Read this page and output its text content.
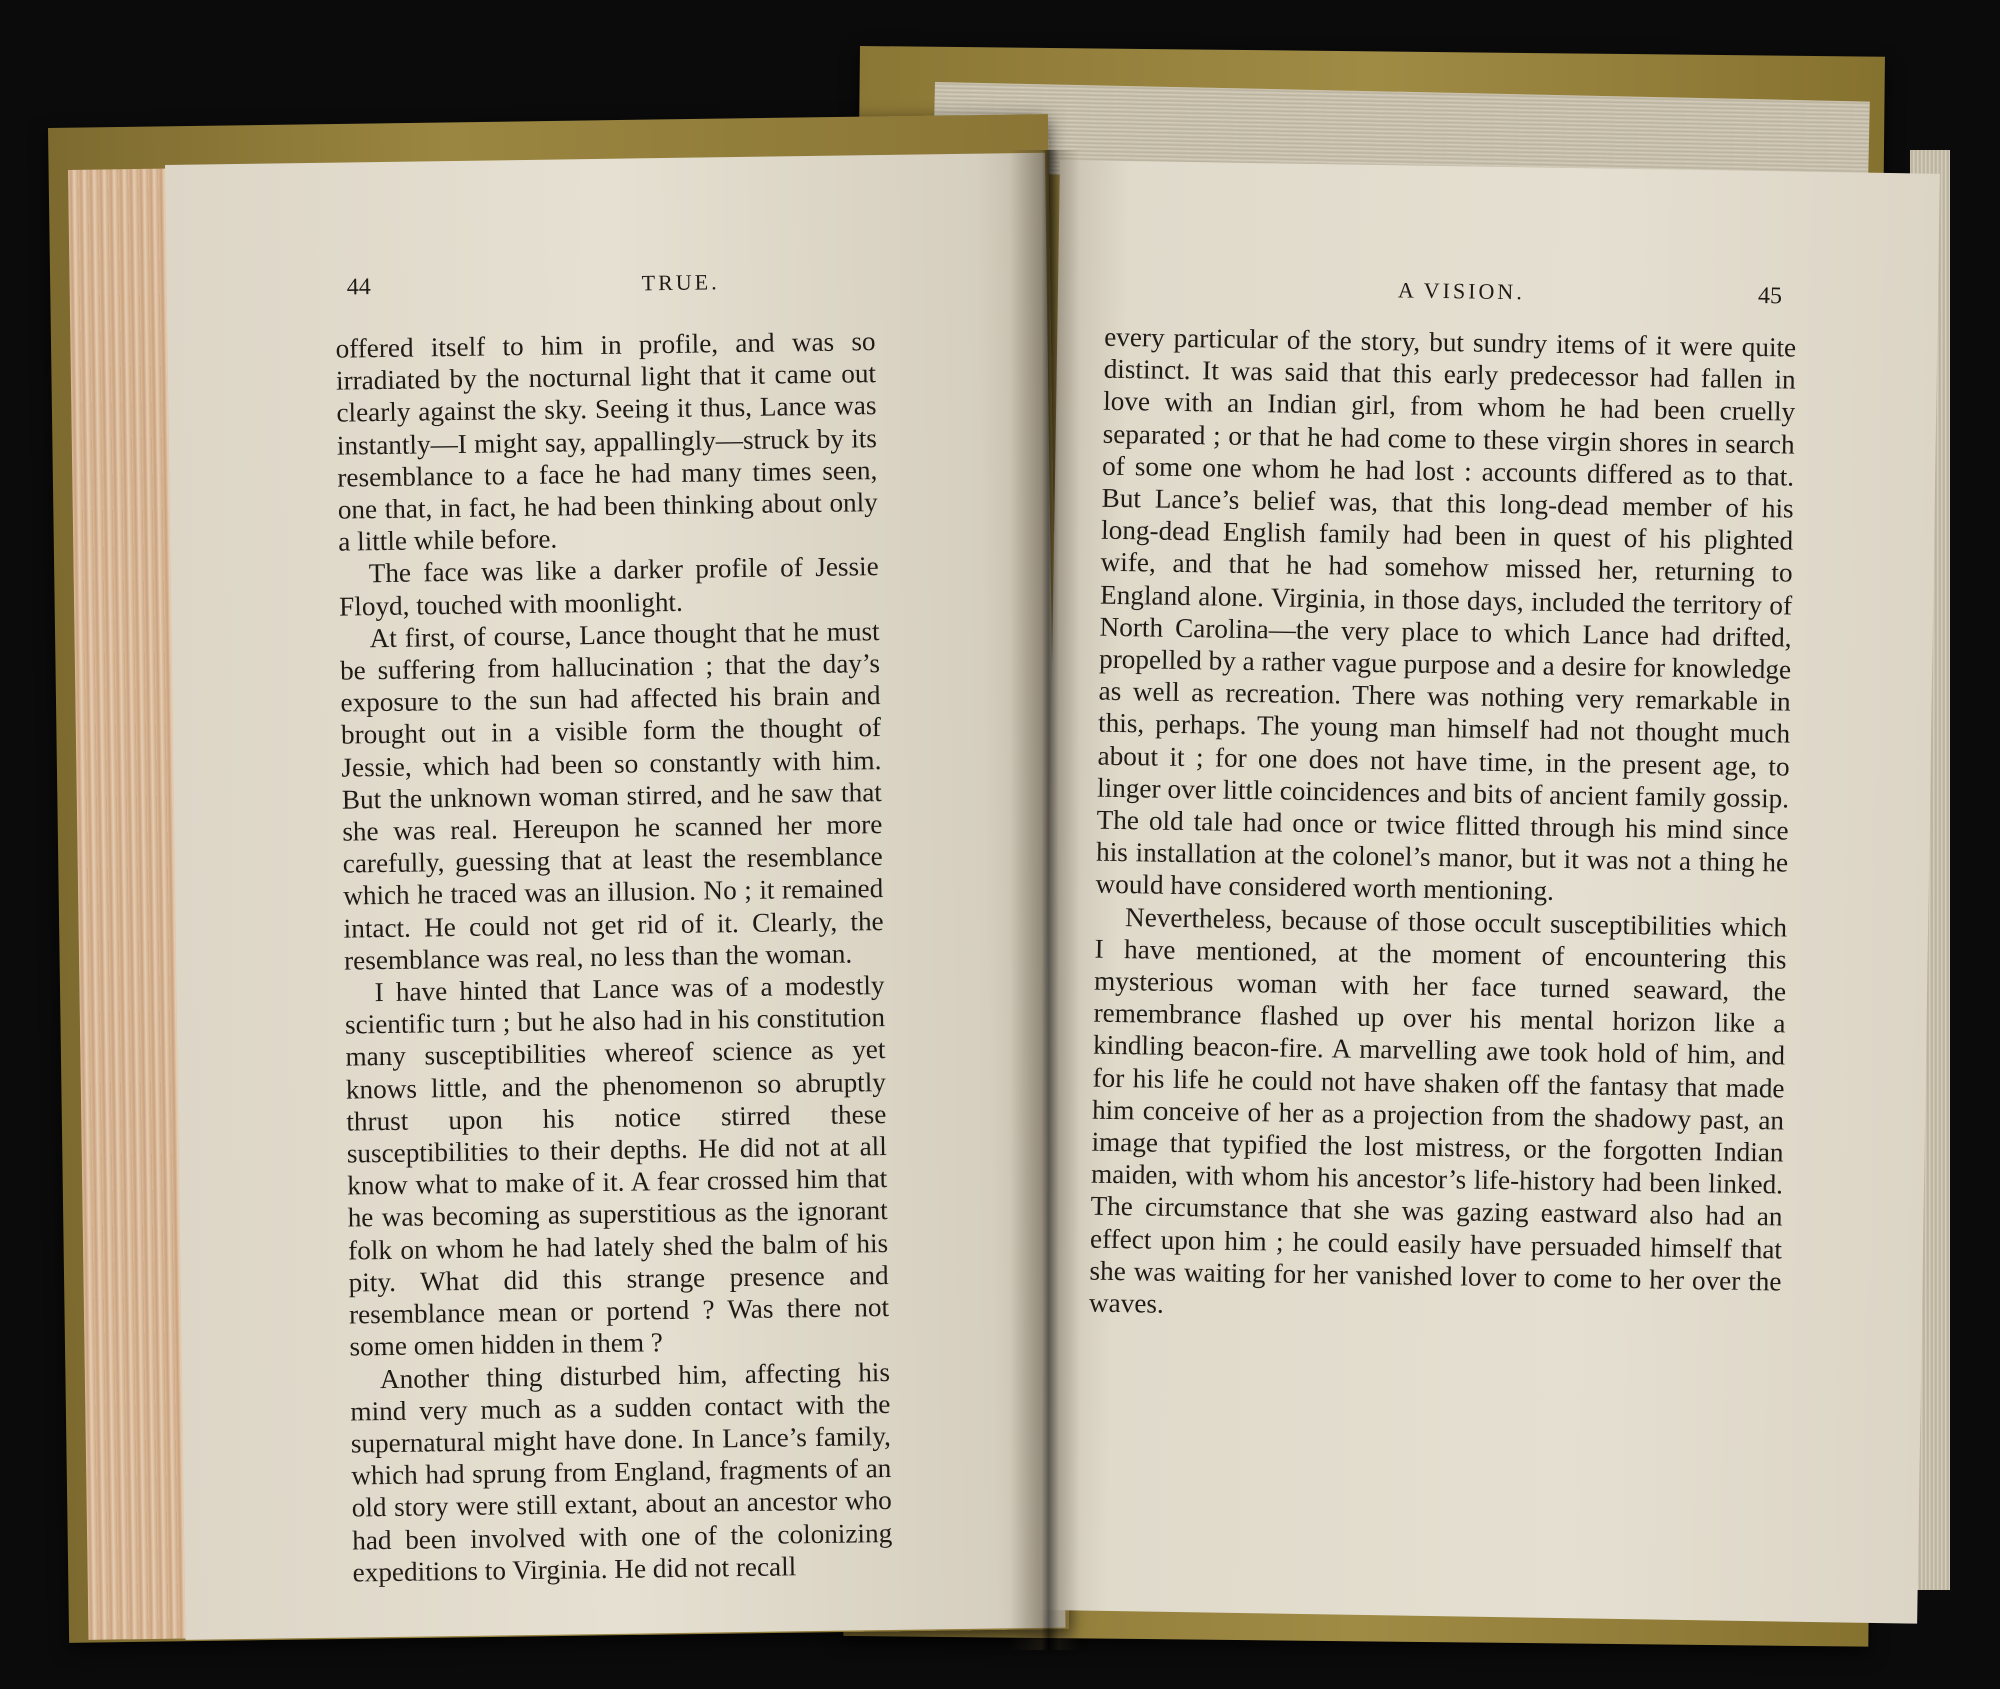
44	TRUE.

offered itself to him in profile, and was so irradiated by the nocturnal light that it came out clearly against the sky. Seeing it thus, Lance was instantly—I might say, appallingly—struck by its resemblance to a face he had many times seen, one that, in fact, he had been thinking about only a little while before.

The face was like a darker profile of Jessie Floyd, touched with moonlight.

At first, of course, Lance thought that he must be suffering from hallucination ; that the day’s exposure to the sun had affected his brain and brought out in a visible form the thought of Jessie, which had been so constantly with him. But the unknown woman stirred, and he saw that she was real. Hereupon he scanned her more carefully, guessing that at least the resemblance which he traced was an illusion. No ; it remained intact. He could not get rid of it. Clearly, the resemblance was real, no less than the woman.

I have hinted that Lance was of a modestly scientific turn ; but he also had in his constitution many susceptibilities whereof science as yet knows little, and the phenomenon so abruptly thrust upon his notice stirred these susceptibilities to their depths. He did not at all know what to make of it. A fear crossed him that he was becoming as superstitious as the ignorant folk on whom he had lately shed the balm of his pity. What did this strange presence and resemblance mean or portend ? Was there not some omen hidden in them ?

Another thing disturbed him, affecting his mind very much as a sudden contact with the supernatural might have done. In Lance’s family, which had sprung from England, fragments of an old story were still extant, about an ancestor who had been involved with one of the colonizing expeditions to Virginia. He did not recall

A VISION.	45

every particular of the story, but sundry items of it were quite distinct. It was said that this early predecessor had fallen in love with an Indian girl, from whom he had been cruelly separated ; or that he had come to these virgin shores in search of some one whom he had lost : accounts differed as to that. But Lance’s belief was, that this long-dead member of his long-dead English family had been in quest of his plighted wife, and that he had somehow missed her, returning to England alone. Virginia, in those days, included the territory of North Carolina—the very place to which Lance had drifted, propelled by a rather vague purpose and a desire for knowledge as well as recreation. There was nothing very remarkable in this, perhaps. The young man himself had not thought much about it ; for one does not have time, in the present age, to linger over little coincidences and bits of ancient family gossip. The old tale had once or twice flitted through his mind since his installation at the colonel’s manor, but it was not a thing he would have considered worth mentioning.

Nevertheless, because of those occult susceptibilities which I have mentioned, at the moment of encountering this mysterious woman with her face turned seaward, the remembrance flashed up over his mental horizon like a kindling beacon-fire. A marvelling awe took hold of him, and for his life he could not have shaken off the fantasy that made him conceive of her as a projection from the shadowy past, an image that typified the lost mistress, or the forgotten Indian maiden, with whom his ancestor’s life-history had been linked. The circumstance that she was gazing eastward also had an effect upon him ; he could easily have persuaded himself that she was waiting for her vanished lover to come to her over the waves.
